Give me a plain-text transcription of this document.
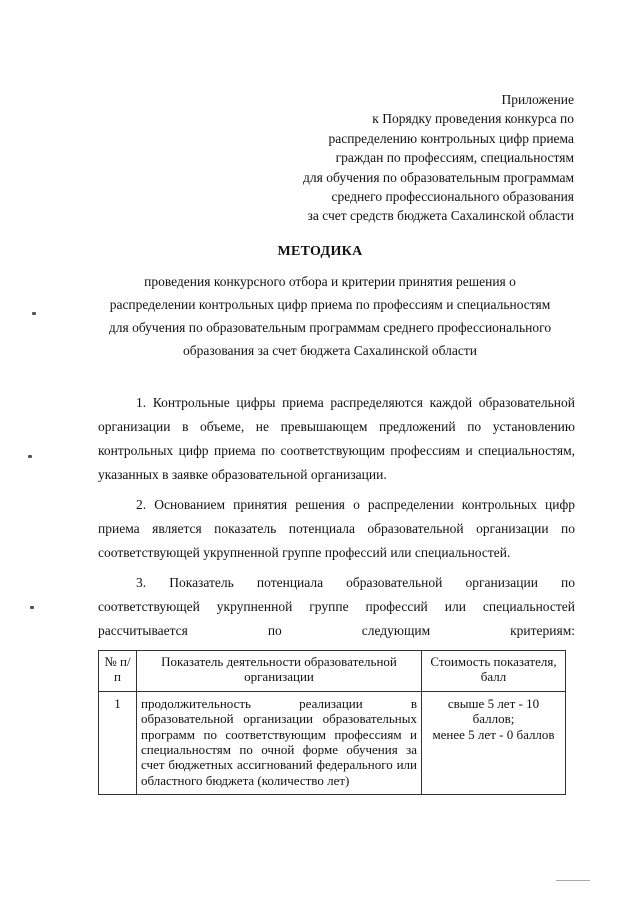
Приложение
к Порядку проведения конкурса по
распределению контрольных цифр приема
граждан по профессиям, специальностям
для обучения по образовательным программам
среднего профессионального образования
за счет средств бюджета Сахалинской области
МЕТОДИКА
проведения конкурсного отбора и критерии принятия решения о
распределении контрольных цифр приема по профессиям и специальностям
для обучения по образовательным программам среднего профессионального
образования за счет бюджета Сахалинской области

1. Контрольные цифры приема распределяются каждой образовательной организации в объеме, не превышающем предложений по установлению контрольных цифр приема по соответствующим профессиям и специальностям, указанных в заявке образовательной организации.

2. Основанием принятия решения о распределении контрольных цифр приема является показатель потенциала образовательной организации по соответствующей укрупненной группе профессий или специальностей.

3. Показатель потенциала образовательной организации по соответствующей укрупненной группе профессий или специальностей рассчитывается по следующим критериям:

№ п/п	Показатель деятельности образовательной организации	Стоимость показателя, балл
1	продолжительность реализации в образовательной организации образовательных программ по соответствующим профессиям и специальностям по очной форме обучения за счет бюджетных ассигнований федерального или областного бюджета (количество лет)	свыше 5 лет - 10 баллов;
менее 5 лет - 0 баллов
